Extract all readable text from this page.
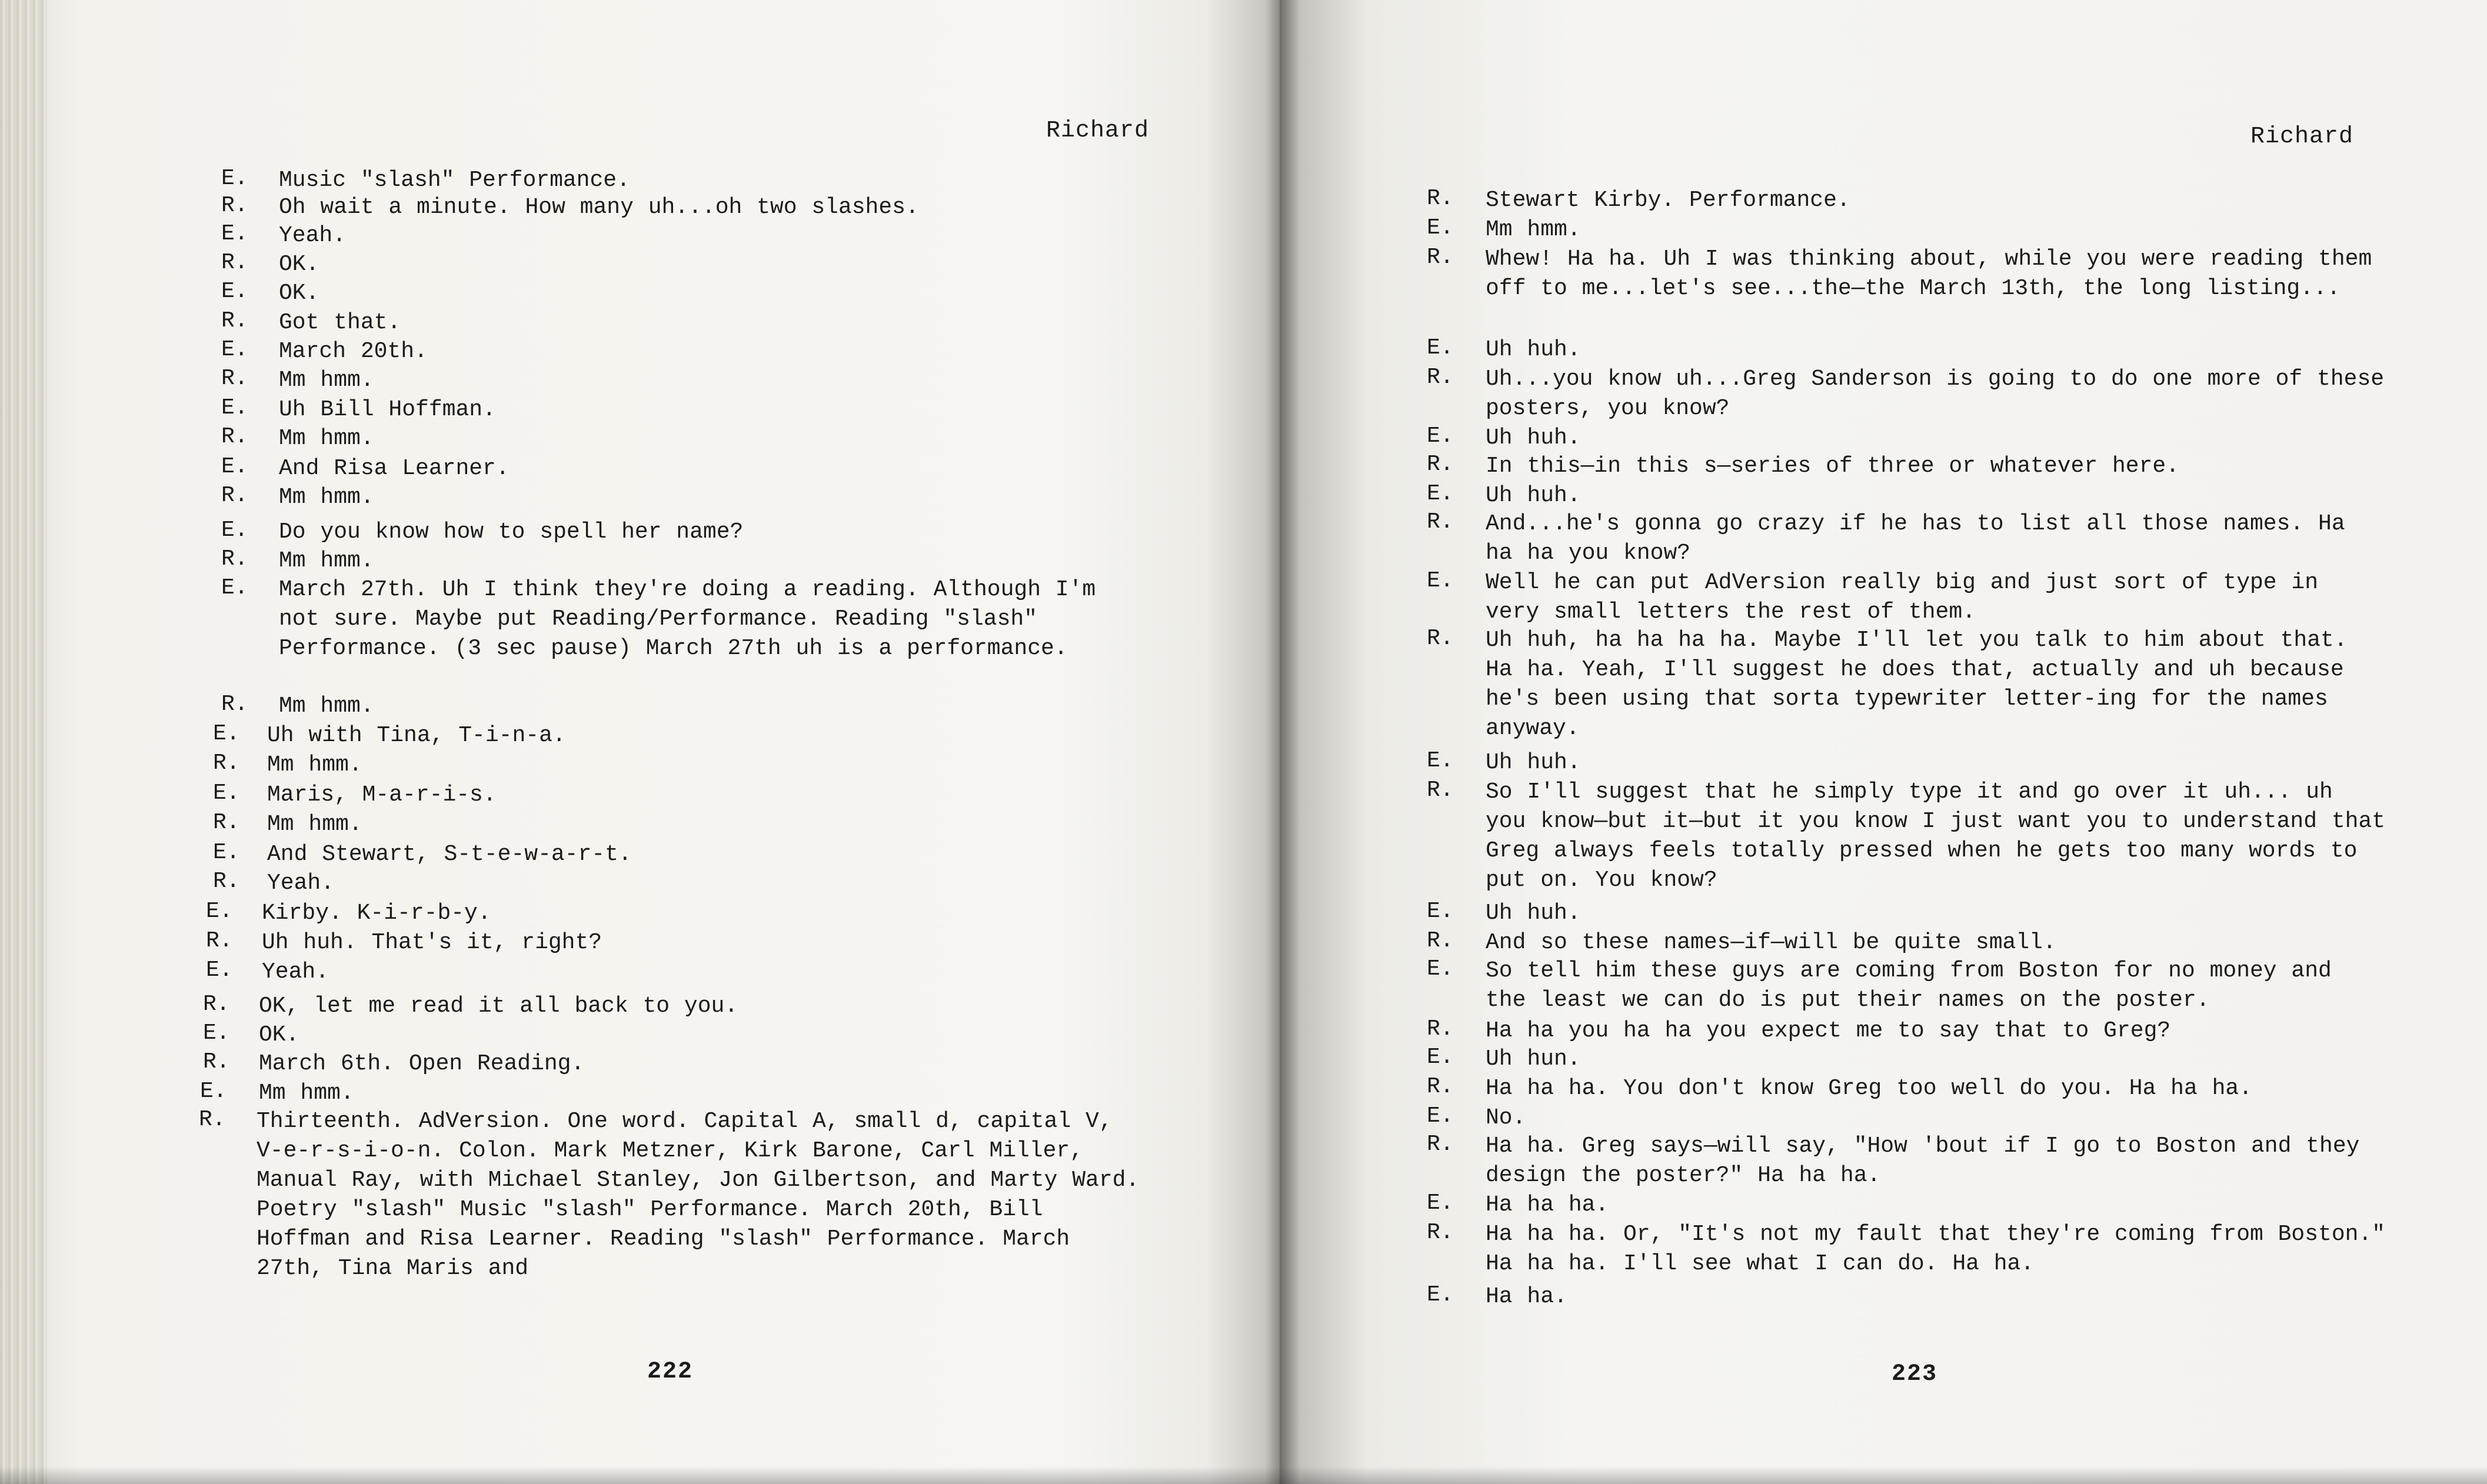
Richard
E. Music "slash" Performance.
R. Oh wait a minute. How many uh...oh two slashes.
E. Yeah.
R. OK.
E. OK.
R. Got that.
E. March 20th.
R. Mm hmm.
E. Uh Bill Hoffman.
R. Mm hmm.
E. And Risa Learner.
R. Mm hmm.
E. Do you know how to spell her name?
R. Mm hmm.
E. March 27th. Uh I think they're doing a reading. Although I'm not sure. Maybe put Reading/Performance. Reading "slash" Performance. (3 sec pause) March 27th uh is a performance.
R. Mm hmm.
E. Uh with Tina, T-i-n-a.
R. Mm hmm.
E. Maris, M-a-r-i-s.
R. Mm hmm.
E. And Stewart, S-t-e-w-a-r-t.
R. Yeah.
E. Kirby. K-i-r-b-y.
R. Uh huh. That's it, right?
E. Yeah.
R. OK, let me read it all back to you.
E. OK.
R. March 6th. Open Reading.
E. Mm hmm.
R. Thirteenth. AdVersion. One word. Capital A, small d, capital V, V-e-r-s-i-o-n. Colon. Mark Metzner, Kirk Barone, Carl Miller, Manual Ray, with Michael Stanley, Jon Gilbertson, and Marty Ward. Poetry "slash" Music "slash" Performance. March 20th, Bill Hoffman and Risa Learner. Reading "slash" Performance. March 27th, Tina Maris and
222
Richard
R. Stewart Kirby. Performance.
E. Mm hmm.
R. Whew! Ha ha. Uh I was thinking about, while you were reading them off to me...let's see...the—the March 13th, the long listing...
E. Uh huh.
R. Uh...you know uh...Greg Sanderson is going to do one more of these posters, you know?
E. Uh huh.
R. In this—in this s—series of three or whatever here.
E. Uh huh.
R. And...he's gonna go crazy if he has to list all those names. Ha ha ha you know?
E. Well he can put AdVersion really big and just sort of type in very small letters the rest of them.
R. Uh huh, ha ha ha ha. Maybe I'll let you talk to him about that. Ha ha. Yeah, I'll suggest he does that, actually and uh because he's been using that sorta typewriter letter-ing for the names anyway.
E. Uh huh.
R. So I'll suggest that he simply type it and go over it uh... uh you know—but it—but it you know I just want you to understand that Greg always feels totally pressed when he gets too many words to put on. You know?
E. Uh huh.
R. And so these names—if—will be quite small.
E. So tell him these guys are coming from Boston for no money and the least we can do is put their names on the poster.
R. Ha ha you ha ha you expect me to say that to Greg?
E. Uh hun.
R. Ha ha ha. You don't know Greg too well do you. Ha ha ha.
E. No.
R. Ha ha. Greg says—will say, "How 'bout if I go to Boston and they design the poster?" Ha ha ha.
E. Ha ha ha.
R. Ha ha ha. Or, "It's not my fault that they're coming from Boston." Ha ha ha. I'll see what I can do. Ha ha.
E. Ha ha.
223
